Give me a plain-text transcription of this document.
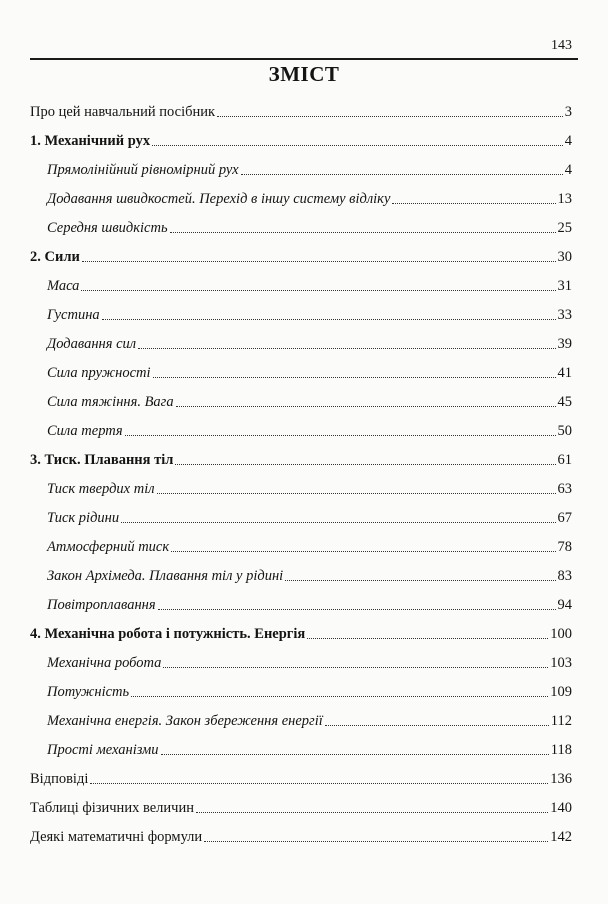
143
ЗМІСТ
Про цей навчальний посібник	3
1. Механічний рух	4
Прямолінійний рівномірний рух	4
Додавання швидкостей. Перехід в іншу систему відліку	13
Середня швидкість	25
2. Сили	30
Маса	31
Густина	33
Додавання сил	39
Сила пружності	41
Сила тяжіння. Вага	45
Сила тертя	50
3. Тиск. Плавання тіл	61
Тиск твердих тіл	63
Тиск рідини	67
Атмосферний тиск	78
Закон Архімеда. Плавання тіл у рідині	83
Повітроплавання	94
4. Механічна робота і потужність. Енергія	100
Механічна робота	103
Потужність	109
Механічна енергія. Закон збереження енергії	112
Прості механізми	118
Відповіді	136
Таблиці фізичних величин	140
Деякі математичні формули	142
